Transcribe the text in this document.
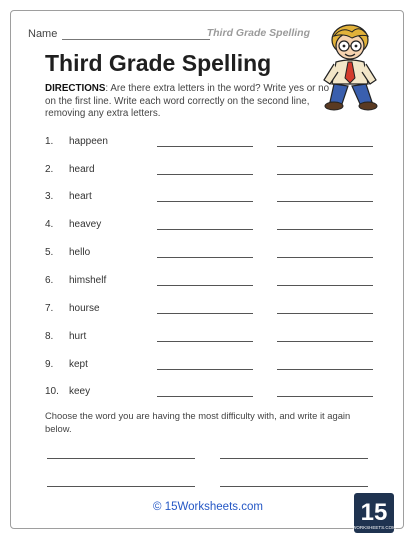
Name	Third Grade Spelling
Third Grade Spelling
DIRECTIONS: Are there extra letters in the word? Write yes or no on the first line. Write each word correctly on the second line, removing any extra letters.
1. happeen
2. heard
3. heart
4. heavey
5. hello
6. himshelf
7. hourse
8. hurt
9. kept
10. keey
Choose the word you are having the most difficulty with, and write it again below.
© 15Worksheets.com	15
WORKSHEETS.COM
